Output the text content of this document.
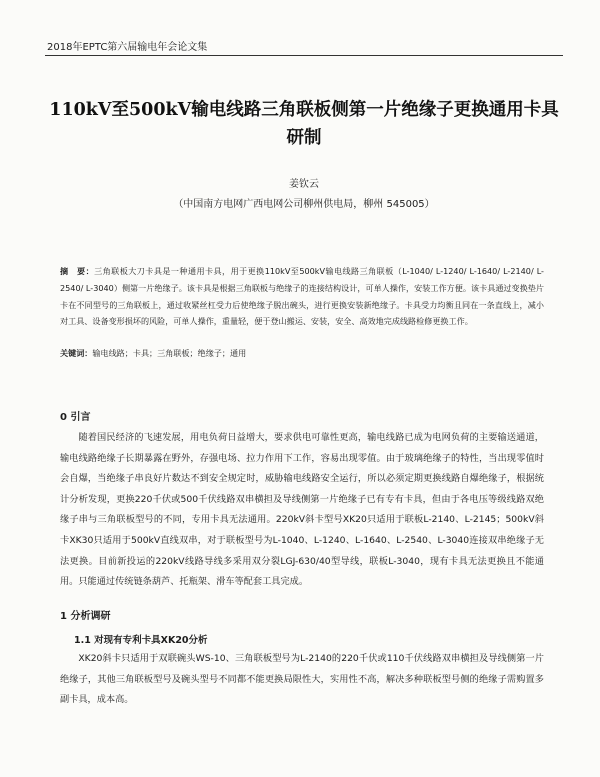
2018年EPTC第六届输电年会论文集
110kV至500kV输电线路三角联板侧第一片绝缘子更换通用卡具研制
姜钦云
（中国南方电网广西电网公司柳州供电局，柳州 545005）
摘　要：三角联板大刀卡具是一种通用卡具，用于更换110kV至500kV输电线路三角联板（L-1040/ L-1240/ L-1640/ L-2140/ L-2540/ L-3040）侧第一片绝缘子。该卡具是根据三角联板与绝缘子的连接结构设计，可单人操作，安装工作方便。该卡具通过变换垫片卡在不同型号的三角联板上，通过收紧丝杠受力后使绝缘子脱出碗头，进行更换安装新绝缘子。卡具受力均衡且同在一条直线上，减小对工具、设备变形损坏的风险，可单人操作，重量轻，便于登山搬运、安装，安全、高效地完成线路检修更换工作。
关键词：输电线路；卡具；三角联板；绝缘子；通用
0 引言
随着国民经济的飞速发展，用电负荷日益增大，要求供电可靠性更高，输电线路已成为电网负荷的主要输送通道，输电线路绝缘子长期暴露在野外，存强电场、拉力作用下工作，容易出现零值。由于玻璃绝缘子的特性，当出现零值时会自爆，当绝缘子串良好片数达不到安全规定时，威胁输电线路安全运行，所以必须定期更换线路自爆绝缘子，根据统计分析发现，更换220千伏或500千伏线路双串横担及导线侧第一片绝缘子已有专有卡具，但由于各电压等级线路双绝缘子串与三角联板型号的不同，专用卡具无法通用。220kV斜卡型号XK20只适用于联板L-2140、L-2145；500kV斜卡XK30只适用于500kV直线双串，对于联板型号为L-1040、L-1240、L-1640、L-2540、L-3040连接双串绝缘子无法更换。目前新投运的220kV线路导线多采用双分裂LGJ-630/40型导线，联板L-3040，现有卡具无法更换且不能通用。只能通过传统链条葫芦、托瓶架、滑车等配套工具完成。
1 分析调研
1.1 对现有专利卡具XK20分析
XK20斜卡只适用于双联碗头WS-10、三角联板型号为L-2140的220千伏或110千伏线路双串横担及导线侧第一片绝缘子，其他三角联板型号及碗头型号不同都不能更换局限性大，实用性不高，解决多种联板型号侧的绝缘子需购置多副卡具，成本高。
